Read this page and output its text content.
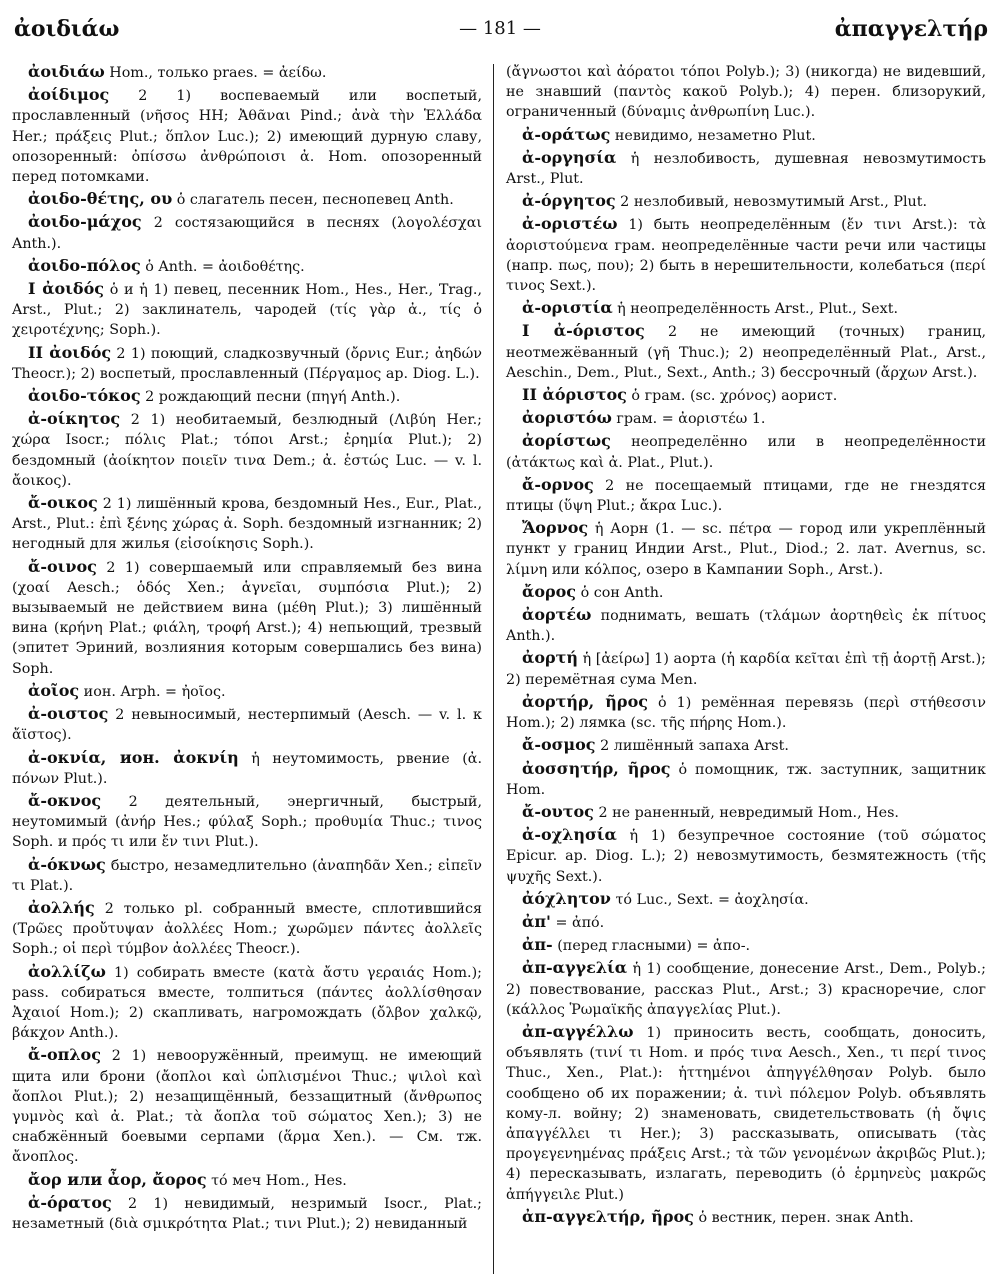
ἀοιδιάω	— 181 —	ἀπαγγελτήρ
ἀοιδιάω Hom., только praes. = ἀείδω.
ἀοίδιμος 2 1) воспеваемый или воспетый, прославленный (νῆσος HH; Ἀθᾶναι Pind.; ἀνὰ τὴν Ἑλλάδα Her.; πράξεις Plut.; ὅπλον Luc.); 2) имеющий дурную славу, опозоренный: ὀπίσσω ἀνθρώποισι ἀ. Hom. опозоренный перед потомками.
ἀοιδο-θέτης, ου ὁ слагатель песен, песнопевец Anth.
ἀοιδο-μάχος 2 состязающийся в песнях (λογολέσχαι Anth.).
ἀοιδο-πόλος ὁ Anth. = ἀοιδοθέτης.
I ἀοιδός ὁ и ἡ 1) певец, песенник Hom., Hes., Her., Trag., Arst., Plut.; 2) заклинатель, чародей (τίς γὰρ ἀ., τίς ὁ χειροτέχνης; Soph.).
II ἀοιδός 2 1) поющий, сладкозвучный (ὄρνις Eur.; ἀηδών Theocr.); 2) воспетый, прославленный (Πέργαμος ap. Diog. L.).
ἀοιδο-τόκος 2 рождающий песни (πηγή Anth.).
ἀ-οίκητος 2 1) необитаемый, безлюдный (Λιβύη Her.; χώρα Isocr.; πόλις Plat.; τόποι Arst.; ἐρημία Plut.); 2) бездомный (ἀοίκητον ποιεῖν τινα Dem.; ἀ. ἑστώς Luc. — v. l. ἄοικος).
ἄ-οικος 2 1) лишённый крова, бездомный Hes., Eur., Plat., Arst., Plut.: ἐπὶ ξένης χώρας ἀ. Soph. бездомный изгнанник; 2) негодный для жилья (εἰσοίκησις Soph.).
ἄ-οινος 2 1) совершаемый или справляемый без вина (χοαί Aesch.; ὁδός Xen.; ἁγνεῖαι, συμπόσια Plut.); 2) вызываемый не действием вина (μέθη Plut.); 3) лишённый вина (κρήνη Plat.; φιάλη, τροφή Arst.); 4) непьющий, трезвый (эпитет Эриний, возлияния которым совершались без вина) Soph.
ἀοῖος ион. Arph. = ἠοῖος.
ἀ-οιστος 2 невыносимый, нестерпимый (Aesch. — v. l. κ ἄϊστος).
ἀ-οκνία, ион. ἀοκνίη ἡ неутомимость, рвение (ἀ. πόνων Plut.).
ἄ-οκνος 2 деятельный, энергичный, быстрый, неутомимый (ἀνήρ Hes.; φύλαξ Soph.; προθυμία Thuc.; τινος Soph. и πρός τι или ἔν τινι Plut.).
ἀ-όκνως быстро, незамедлительно (ἀναπηδᾶν Xen.; εἰπεῖν τι Plat.).
ἀολλής 2 только pl. собранный вместе, сплотившийся (Τρῶες προὔτυψαν ἀολλέες Hom.; χωρῶμεν πάντες ἀολλεῖς Soph.; οἱ περὶ τύμβον ἀολλέες Theocr.).
ἀολλίζω 1) собирать вместе (κατὰ ἄστυ γεραιάς Hom.); pass. собираться вместе, толпиться (πάντες ἀολλίσθησαν Ἀχαιοί Hom.); 2) скапливать, нагромождать (ὄλβον χαλκῷ, βάκχον Anth.).
ἄ-οπλος 2 1) невооружённый, преимущ. не имеющий щита или брони (ἄοπλοι καὶ ὡπλισμένοι Thuc.; ψιλοὶ καὶ ἄοπλοι Plut.); 2) незащищённый, беззащитный (ἄνθρωπος γυμνὸς καὶ ἀ. Plat.; τὰ ἄοπλα τοῦ σώματος Xen.); 3) не снабжённый боевыми серпами (ἅρμα Xen.). — См. тж. ἄνοπλος.
ἄορ или ἆορ, ἄορος τό меч Hom., Hes.
ἀ-όρατος 2 1) невидимый, незримый Isocr., Plat.; незаметный (διὰ σμικρότητα Plat.; τινι Plut.); 2) невиданный
(ἄγνωστοι καὶ ἀόρατοι τόποι Polyb.); 3) (никогда) не видевший, не знавший (παντὸς κακοῦ Polyb.); 4) перен. близорукий, ограниченный (δύναμις ἀνθρωπίνη Luc.).
ἀ-οράτως невидимо, незаметно Plut.
ἀ-οργησία ἡ незлобивость, душевная невозмутимость Arst., Plut.
ἀ-όργητος 2 незлобивый, невозмутимый Arst., Plut.
ἀ-οριστέω 1) быть неопределённым (ἔν τινι Arst.): τὰ ἀοριστούμενα грам. неопределённые части речи или частицы (напр. πως, που); 2) быть в нерешительности, колебаться (περί τινος Sext.).
ἀ-οριστία ἡ неопределённость Arst., Plut., Sext.
I ἀ-όριστος 2 не имеющий (точных) границ, неотмежёванный (γῆ Thuc.); 2) неопределённый Plat., Arst., Aeschin., Dem., Plut., Sext., Anth.; 3) бессрочный (ἄρχων Arst.).
II ἀόριστος ὁ грам. (sc. χρόνος) аорист.
ἀοριστόω грам. = ἀοριστέω 1.
ἀορίστως неопределённо или в неопределённости (ἀτάκτως καὶ ἀ. Plat., Plut.).
ἄ-ορνος 2 не посещаемый птицами, где не гнездятся птицы (ὕψη Plut.; ἄκρα Luc.).
Ἄορνος ἡ Аорн (1. — sc. πέτρα — город или укреплённый пункт у границ Индии Arst., Plut., Diod.; 2. лат. Avernus, sc. λίμνη или κόλπος, озеро в Кампании Soph., Arst.).
ἄορος ὁ сон Anth.
ἀορτέω поднимать, вешать (τλάμων ἀορτηθεὶς ἐκ πίτυος Anth.).
ἀορτή ἡ [ἀείρω] 1) аорта (ἡ καρδία κεῖται ἐπὶ τῇ ἀορτῇ Arst.); 2) перемётная сума Men.
ἀορτήρ, ῆρος ὁ 1) ремённая перевязь (περὶ στήθεσσιν Hom.); 2) лямка (sc. τῆς πήρης Hom.).
ἄ-οσμος 2 лишённый запаха Arst.
ἀοσσητήρ, ῆρος ὁ помощник, тж. заступник, защитник Hom.
ἄ-ουτος 2 не раненный, невредимый Hom., Hes.
ἀ-οχλησία ἡ 1) безупречное состояние (τοῦ σώματος Epicur. ap. Diog. L.); 2) невозмутимость, безмятежность (τῆς ψυχῆς Sext.).
ἀόχλητον τό Luc., Sext. = ἀοχλησία.
ἀπ' = ἀπό.
ἀπ- (перед гласными) = ἀπο-.
ἀπ-αγγελία ἡ 1) сообщение, донесение Arst., Dem., Polyb.; 2) повествование, рассказ Plut., Arst.; 3) красноречие, слог (κάλλος Ῥωμαϊκῆς ἀπαγγελίας Plut.).
ἀπ-αγγέλλω 1) приносить весть, сообщать, доносить, объявлять (τινί τι Hom. и πρός τινα Aesch., Xen., τι περί τινος Thuc., Xen., Plat.): ἡττημένοι ἀπηγγέλθησαν Polyb. было сообщено об их поражении; ἀ. τινὶ πόλεμον Polyb. объявлять кому-л. войну; 2) знаменовать, свидетельствовать (ἡ ὄψις ἀπαγγέλλει τι Her.); 3) рассказывать, описывать (τὰς προγεγενημένας πράξεις Arst.; τὰ τῶν γενομένων ἀκριβῶς Plut.); 4) пересказывать, излагать, переводить (ὁ ἑρμηνεὺς μακρῶς ἀπήγγειλε Plut.)
ἀπ-αγγελτήρ, ῆρος ὁ вестник, перен. знак Anth.
